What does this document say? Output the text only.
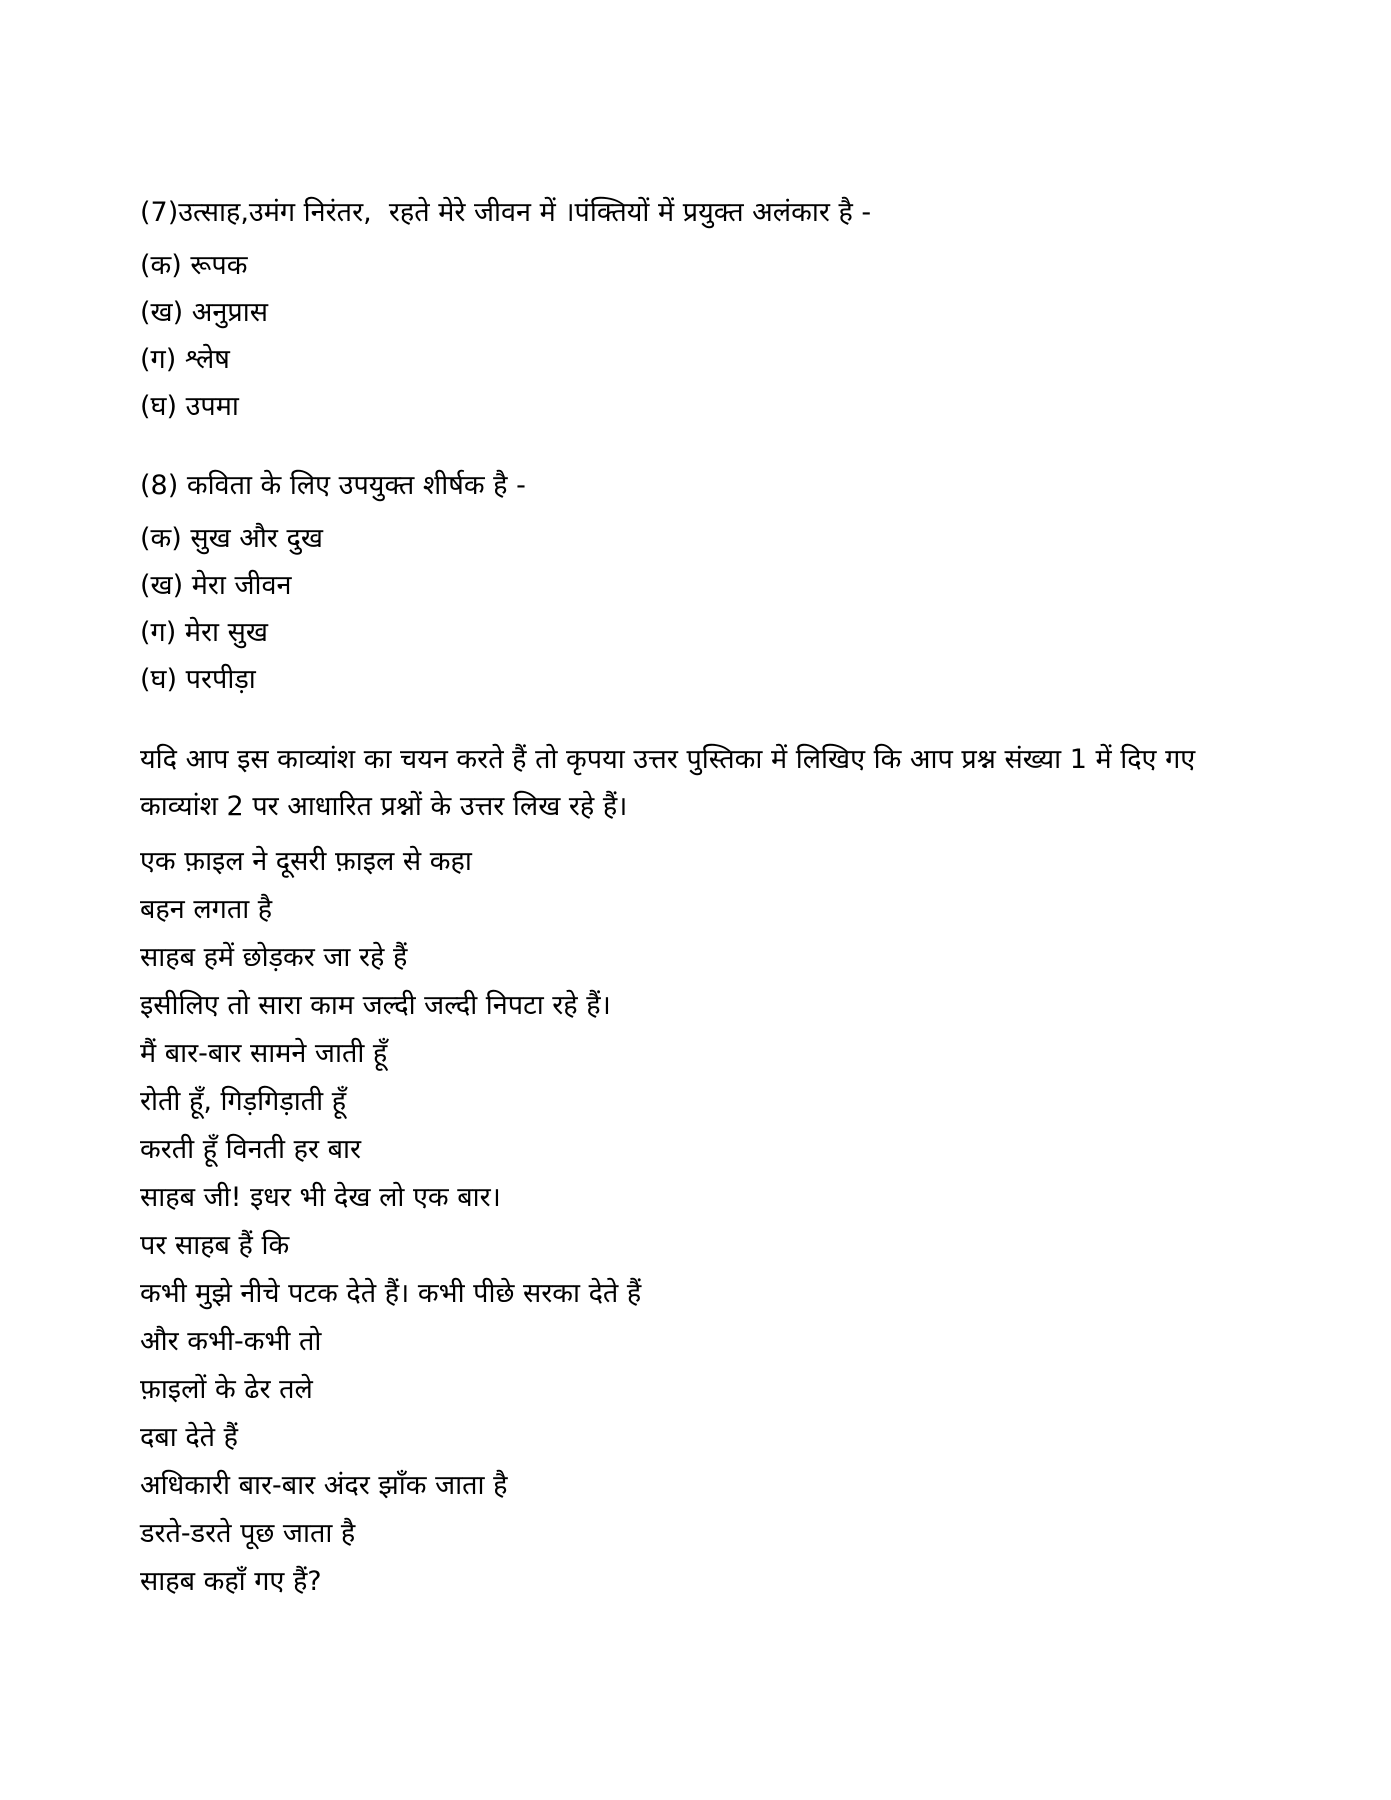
(7)उत्साह,उमंग निरंतर,  रहते मेरे जीवन में ।पंक्तियों में प्रयुक्त अलंकार है -

(क) रूपक

(ख) अनुप्रास

(ग) श्लेष

(घ) उपमा

(8) कविता के लिए उपयुक्त शीर्षक है -

(क) सुख और दुख

(ख) मेरा जीवन

(ग) मेरा सुख

(घ) परपीड़ा

यदि आप इस काव्यांश का चयन करते हैं तो कृपया उत्तर पुस्तिका में लिखिए कि आप प्रश्न संख्या 1 में दिए गए

काव्यांश 2 पर आधारित प्रश्नों के उत्तर लिख रहे हैं।

एक फ़ाइल ने दूसरी फ़ाइल से कहा

बहन लगता है

साहब हमें छोड़कर जा रहे हैं

इसीलिए तो सारा काम जल्दी जल्दी निपटा रहे हैं।

मैं बार-बार सामने जाती हूँ

रोती हूँ, गिड़गिड़ाती हूँ

करती हूँ विनती हर बार

साहब जी! इधर भी देख लो एक बार।

पर साहब हैं कि

कभी मुझे नीचे पटक देते हैं। कभी पीछे सरका देते हैं

और कभी-कभी तो

फ़ाइलों के ढेर तले

दबा देते हैं

अधिकारी बार-बार अंदर झाँक जाता है

डरते-डरते पूछ जाता है

साहब कहाँ गए हैं?
